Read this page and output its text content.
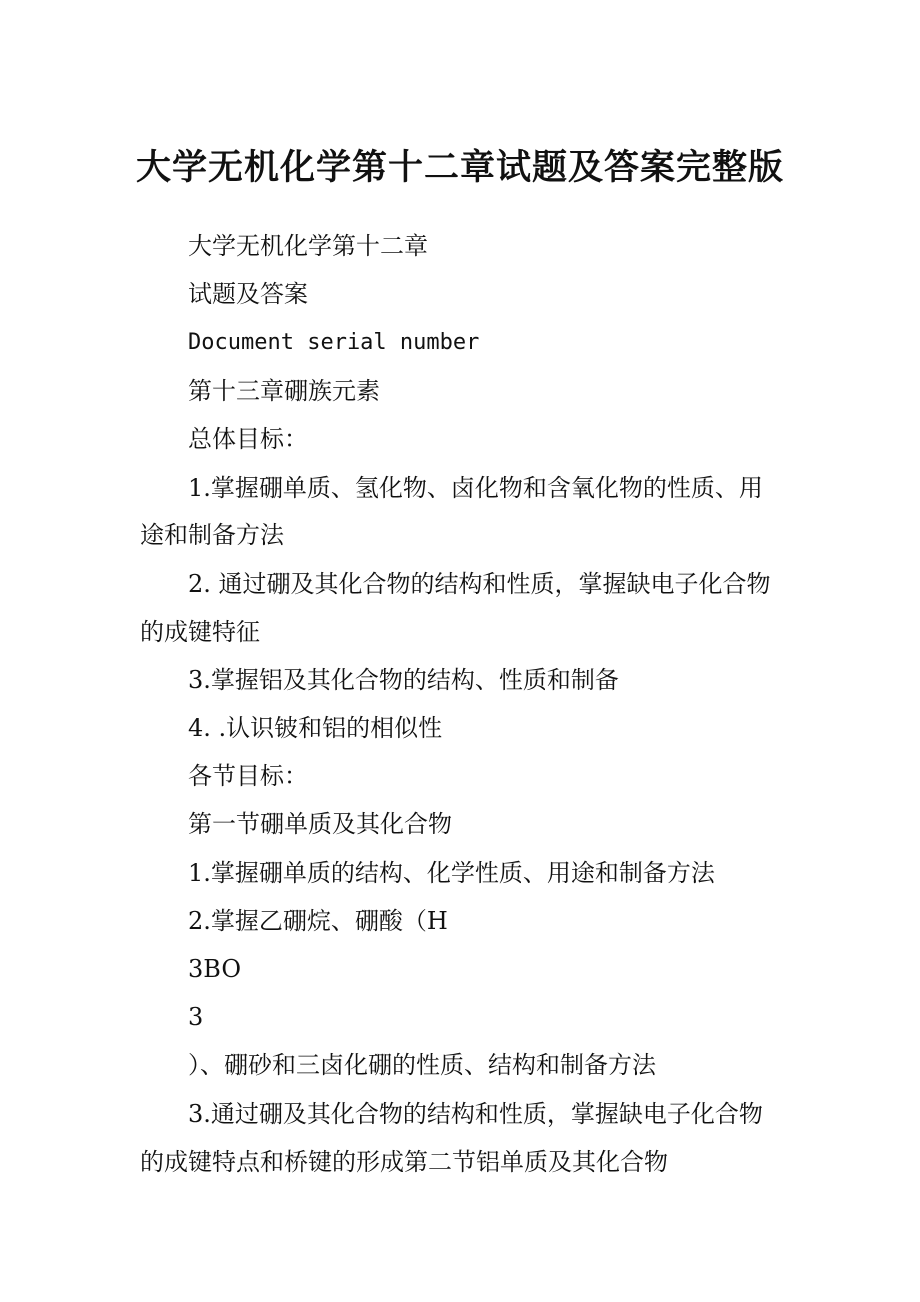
大学无机化学第十二章试题及答案完整版
大学无机化学第十二章
试题及答案
Document serial number
第十三章硼族元素
总体目标：
1.掌握硼单质、氢化物、卤化物和含氧化物的性质、用
途和制备方法
2. 通过硼及其化合物的结构和性质，掌握缺电子化合物
的成键特征
3.掌握铝及其化合物的结构、性质和制备
4. .认识铍和铝的相似性
各节目标：
第一节硼单质及其化合物
1.掌握硼单质的结构、化学性质、用途和制备方法
2.掌握乙硼烷、硼酸（H
3BO
3
）、硼砂和三卤化硼的性质、结构和制备方法
3.通过硼及其化合物的结构和性质，掌握缺电子化合物
的成键特点和桥键的形成第二节铝单质及其化合物
